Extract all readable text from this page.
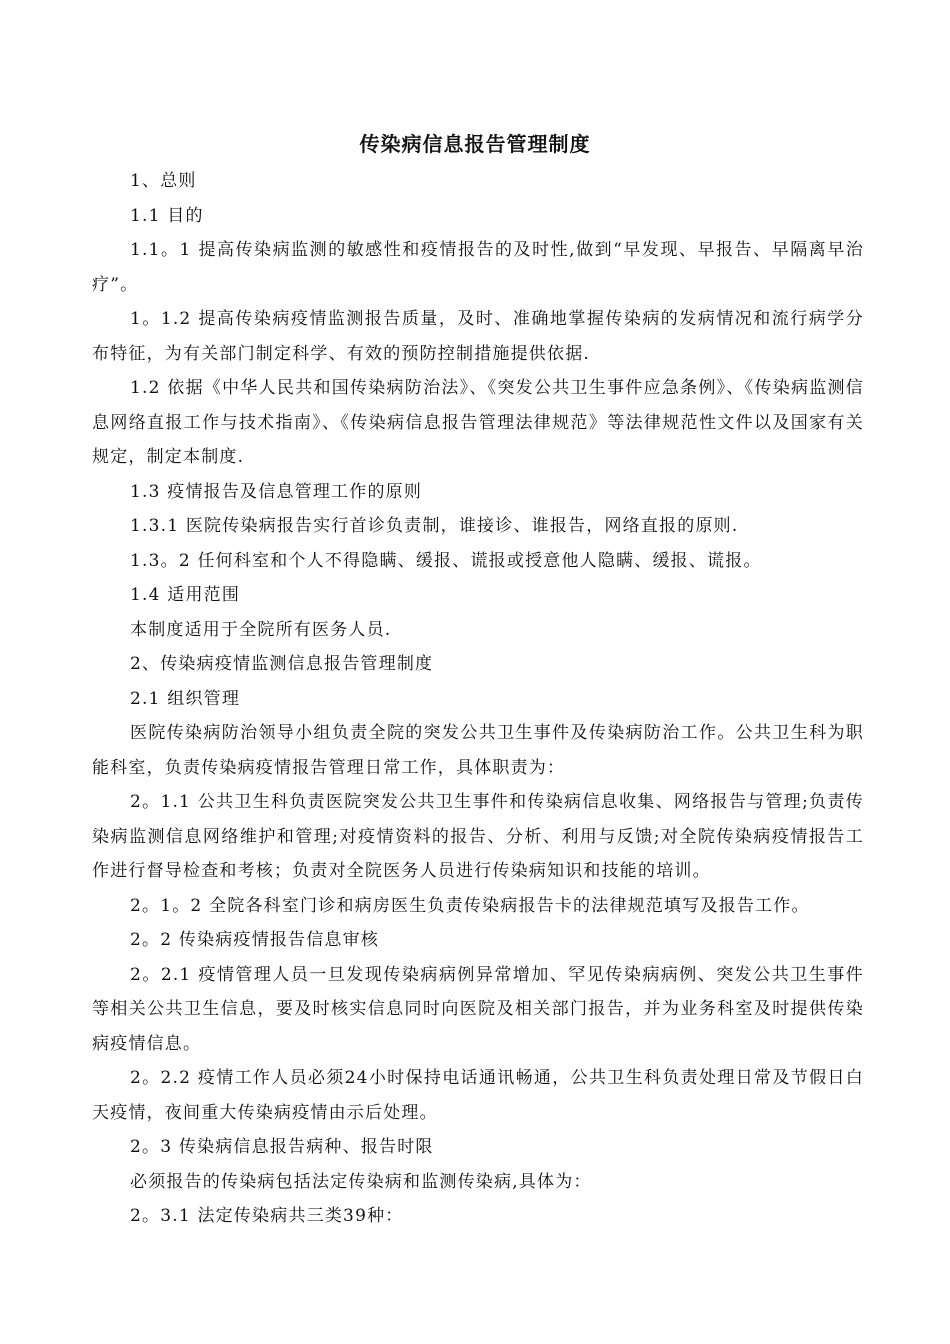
传染病信息报告管理制度

1、总则

1.1 目的

1.1。1 提高传染病监测的敏感性和疫情报告的及时性,做到“早发现、早报告、早隔离早治疗”。

1。1.2 提高传染病疫情监测报告质量，及时、准确地掌握传染病的发病情况和流行病学分布特征，为有关部门制定科学、有效的预防控制措施提供依据.

1.2 依据《中华人民共和国传染病防治法》、《突发公共卫生事件应急条例》、《传染病监测信息网络直报工作与技术指南》、《传染病信息报告管理法律规范》等法律规范性文件以及国家有关规定，制定本制度.

1.3 疫情报告及信息管理工作的原则

1.3.1 医院传染病报告实行首诊负责制，谁接诊、谁报告，网络直报的原则.

1.3。2 任何科室和个人不得隐瞒、缓报、谎报或授意他人隐瞒、缓报、谎报。

1.4 适用范围

本制度适用于全院所有医务人员.

2、传染病疫情监测信息报告管理制度

2.1 组织管理

医院传染病防治领导小组负责全院的突发公共卫生事件及传染病防治工作。公共卫生科为职能科室，负责传染病疫情报告管理日常工作，具体职责为：

2。1.1 公共卫生科负责医院突发公共卫生事件和传染病信息收集、网络报告与管理;负责传染病监测信息网络维护和管理;对疫情资料的报告、分析、利用与反馈;对全院传染病疫情报告工作进行督导检查和考核；负责对全院医务人员进行传染病知识和技能的培训。

2。1。2 全院各科室门诊和病房医生负责传染病报告卡的法律规范填写及报告工作。

2。2 传染病疫情报告信息审核

2。2.1 疫情管理人员一旦发现传染病病例异常增加、罕见传染病病例、突发公共卫生事件等相关公共卫生信息，要及时核实信息同时向医院及相关部门报告，并为业务科室及时提供传染病疫情信息。

2。2.2 疫情工作人员必须24小时保持电话通讯畅通，公共卫生科负责处理日常及节假日白天疫情，夜间重大传染病疫情由示后处理。

2。3 传染病信息报告病种、报告时限

必须报告的传染病包括法定传染病和监测传染病,具体为：

2。3.1 法定传染病共三类39种：
